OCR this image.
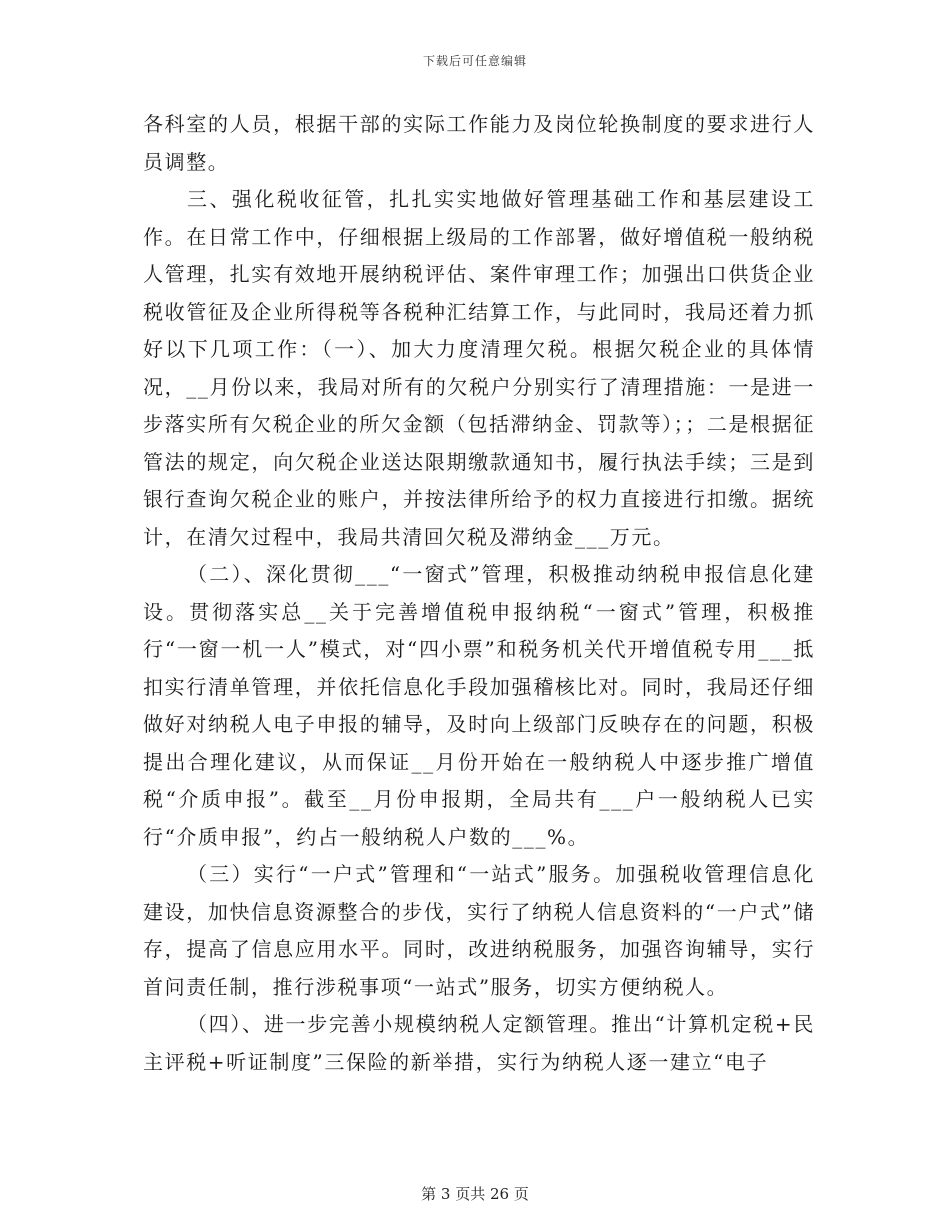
下载后可任意编辑

各科室的人员，根据干部的实际工作能力及岗位轮换制度的要求进行人员调整。

三、强化税收征管，扎扎实实地做好管理基础工作和基层建设工作。在日常工作中，仔细根据上级局的工作部署，做好增值税一般纳税人管理，扎实有效地开展纳税评估、案件审理工作；加强出口供货企业税收管征及企业所得税等各税种汇结算工作，与此同时，我局还着力抓好以下几项工作：（一）、加大力度清理欠税。根据欠税企业的具体情况，__月份以来，我局对所有的欠税户分别实行了清理措施：一是进一步落实所有欠税企业的所欠金额（包括滞纳金、罚款等）；；二是根据征管法的规定，向欠税企业送达限期缴款通知书，履行执法手续；三是到银行查询欠税企业的账户，并按法律所给予的权力直接进行扣缴。据统计，在清欠过程中，我局共清回欠税及滞纳金___万元。

（二）、深化贯彻___“一窗式”管理，积极推动纳税申报信息化建设。贯彻落实总__关于完善增值税申报纳税“一窗式”管理，积极推行“一窗一机一人”模式，对“四小票”和税务机关代开增值税专用___抵扣实行清单管理，并依托信息化手段加强稽核比对。同时，我局还仔细做好对纳税人电子申报的辅导，及时向上级部门反映存在的问题，积极提出合理化建议，从而保证__月份开始在一般纳税人中逐步推广增值税“介质申报”。截至__月份申报期，全局共有___户一般纳税人已实行“介质申报”，约占一般纳税人户数的___%。

（三）实行“一户式”管理和“一站式”服务。加强税收管理信息化建设，加快信息资源整合的步伐，实行了纳税人信息资料的“一户式”储存，提高了信息应用水平。同时，改进纳税服务，加强咨询辅导，实行首问责任制，推行涉税事项“一站式”服务，切实方便纳税人。

（四）、进一步完善小规模纳税人定额管理。推出“计算机定税+民主评税+听证制度”三保险的新举措，实行为纳税人逐一建立“电子

第 3 页共 26 页
